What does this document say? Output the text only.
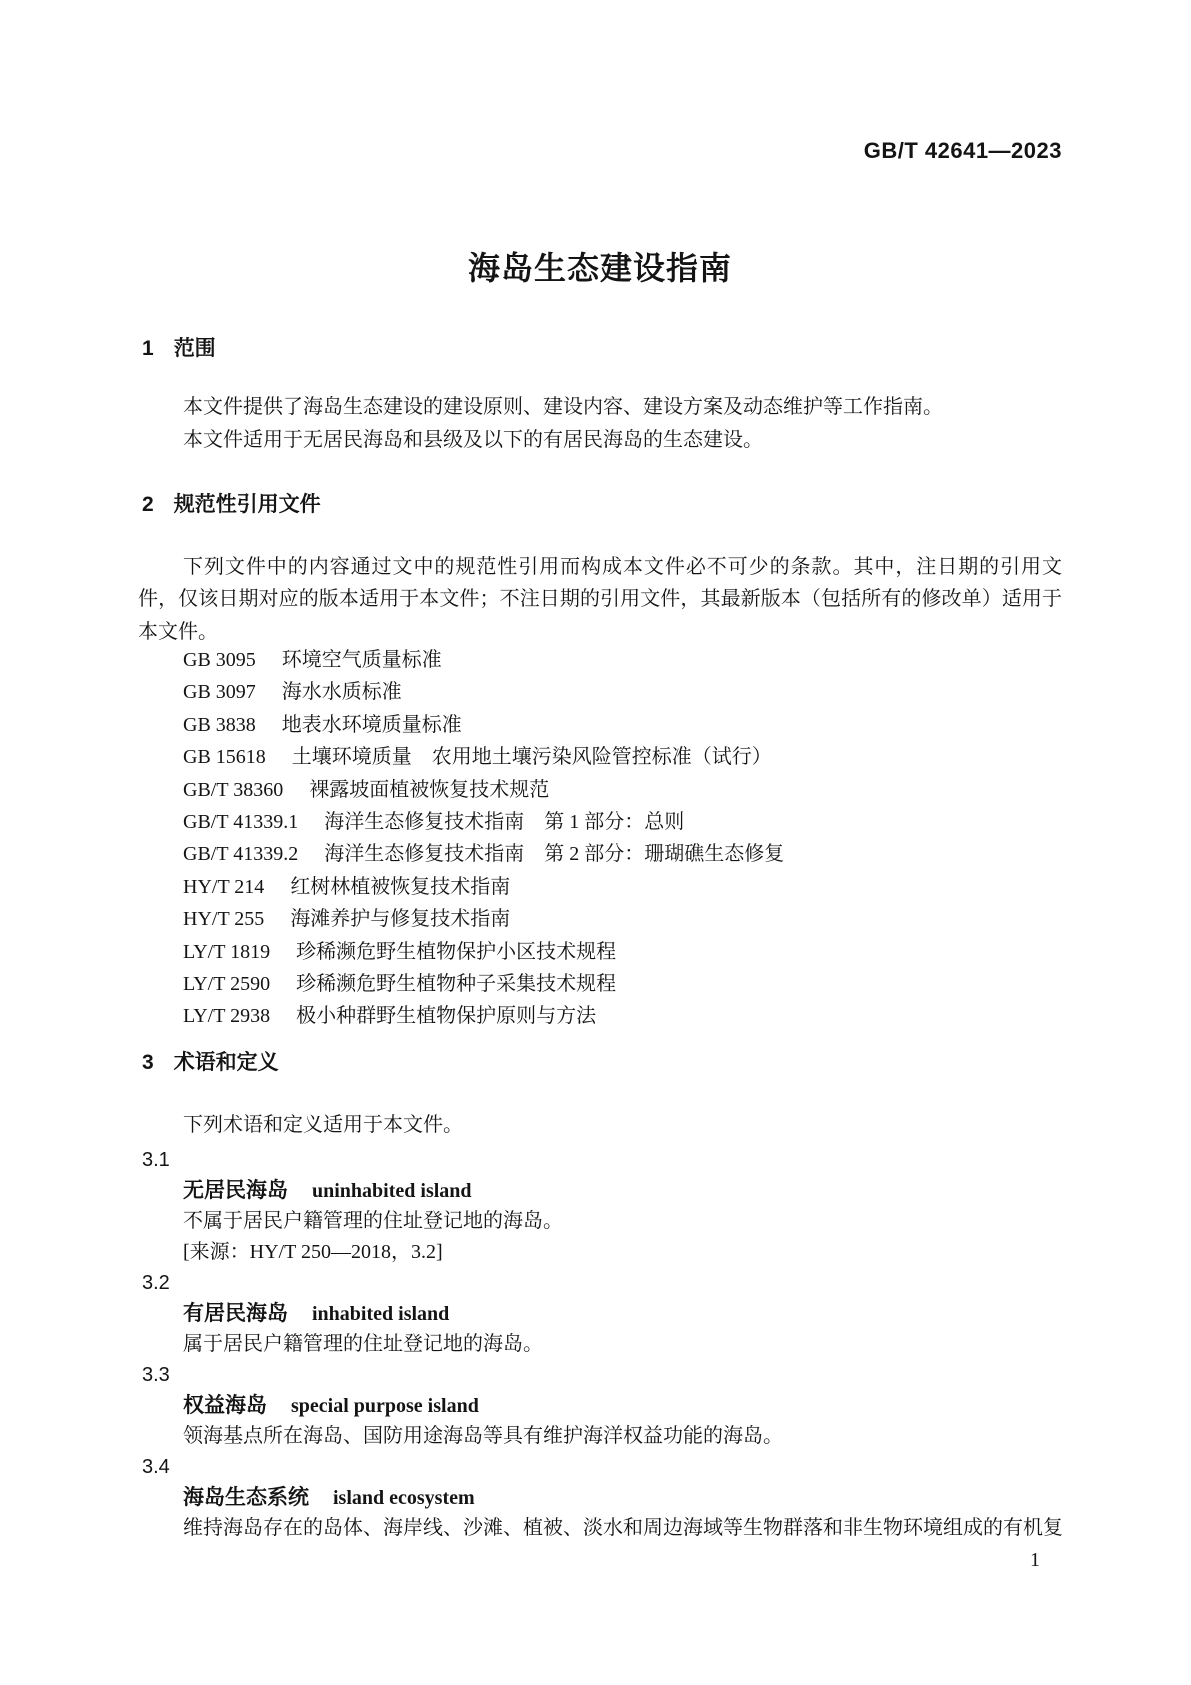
GB/T 42641—2023
海岛生态建设指南
1 范围
本文件提供了海岛生态建设的建设原则、建设内容、建设方案及动态维护等工作指南。
本文件适用于无居民海岛和县级及以下的有居民海岛的生态建设。
2 规范性引用文件
下列文件中的内容通过文中的规范性引用而构成本文件必不可少的条款。其中，注日期的引用文
件，仅该日期对应的版本适用于本文件；不注日期的引用文件，其最新版本（包括所有的修改单）适用于
本文件。
GB 3095 环境空气质量标准
GB 3097 海水水质标准
GB 3838 地表水环境质量标准
GB 15618 土壤环境质量　农用地土壤污染风险管控标准（试行）
GB/T 38360 裸露坡面植被恢复技术规范
GB/T 41339.1 海洋生态修复技术指南　第 1 部分：总则
GB/T 41339.2 海洋生态修复技术指南　第 2 部分：珊瑚礁生态修复
HY/T 214 红树林植被恢复技术指南
HY/T 255 海滩养护与修复技术指南
LY/T 1819 珍稀濒危野生植物保护小区技术规程
LY/T 2590 珍稀濒危野生植物种子采集技术规程
LY/T 2938 极小种群野生植物保护原则与方法
3 术语和定义
下列术语和定义适用于本文件。
3.1
无居民海岛 uninhabited island
不属于居民户籍管理的住址登记地的海岛。
[来源：HY/T 250—2018，3.2]
3.2
有居民海岛 inhabited island
属于居民户籍管理的住址登记地的海岛。
3.3
权益海岛 special purpose island
领海基点所在海岛、国防用途海岛等具有维护海洋权益功能的海岛。
3.4
海岛生态系统 island ecosystem
维持海岛存在的岛体、海岸线、沙滩、植被、淡水和周边海域等生物群落和非生物环境组成的有机复
1
